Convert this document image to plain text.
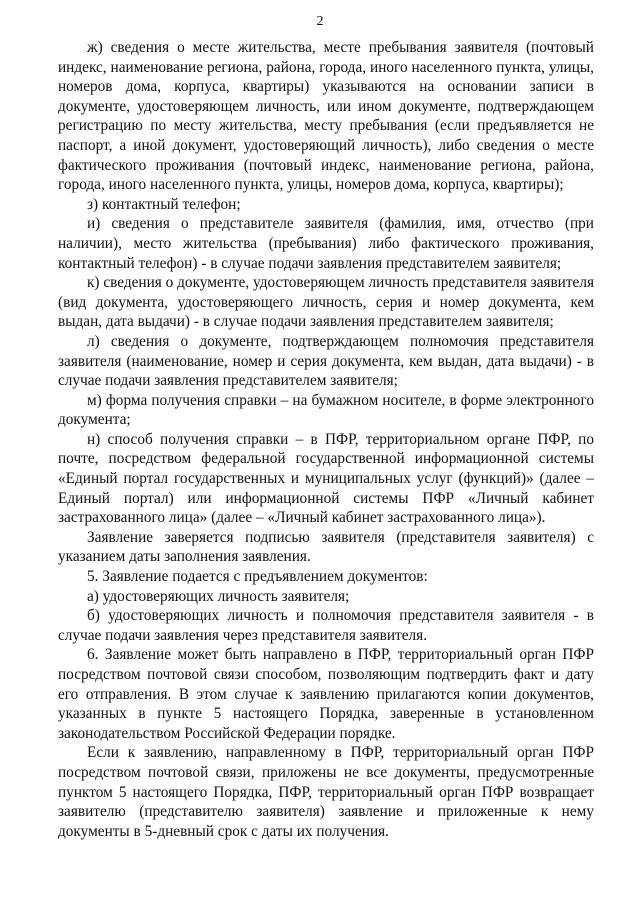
2

ж) сведения о месте жительства, месте пребывания заявителя (почтовый индекс, наименование региона, района, города, иного населенного пункта, улицы, номеров дома, корпуса, квартиры) указываются на основании записи в документе, удостоверяющем личность, или ином документе, подтверждающем регистрацию по месту жительства, месту пребывания (если предъявляется не паспорт, а иной документ, удостоверяющий личность), либо сведения о месте фактического проживания (почтовый индекс, наименование региона, района, города, иного населенного пункта, улицы, номеров дома, корпуса, квартиры);

з) контактный телефон;

и) сведения о представителе заявителя (фамилия, имя, отчество (при наличии), место жительства (пребывания) либо фактического проживания, контактный телефон) - в случае подачи заявления представителем заявителя;

к) сведения о документе, удостоверяющем личность представителя заявителя (вид документа, удостоверяющего личность, серия и номер документа, кем выдан, дата выдачи) - в случае подачи заявления представителем заявителя;

л) сведения о документе, подтверждающем полномочия представителя заявителя (наименование, номер и серия документа, кем выдан, дата выдачи) - в случае подачи заявления представителем заявителя;

м) форма получения справки – на бумажном носителе, в форме электронного документа;

н) способ получения справки – в ПФР, территориальном органе ПФР, по почте, посредством федеральной государственной информационной системы «Единый портал государственных и муниципальных услуг (функций)» (далее – Единый портал) или информационной системы ПФР «Личный кабинет застрахованного лица» (далее – «Личный кабинет застрахованного лица»).

Заявление заверяется подписью заявителя (представителя заявителя) с указанием даты заполнения заявления.

5. Заявление подается с предъявлением документов:

а) удостоверяющих личность заявителя;

б) удостоверяющих личность и полномочия представителя заявителя - в случае подачи заявления через представителя заявителя.

6. Заявление может быть направлено в ПФР, территориальный орган ПФР посредством почтовой связи способом, позволяющим подтвердить факт и дату его отправления. В этом случае к заявлению прилагаются копии документов, указанных в пункте 5 настоящего Порядка, заверенные в установленном законодательством Российской Федерации порядке.

Если к заявлению, направленному в ПФР, территориальный орган ПФР посредством почтовой связи, приложены не все документы, предусмотренные пунктом 5 настоящего Порядка, ПФР, территориальный орган ПФР возвращает заявителю (представителю заявителя) заявление и приложенные к нему документы в 5-дневный срок с даты их получения.
